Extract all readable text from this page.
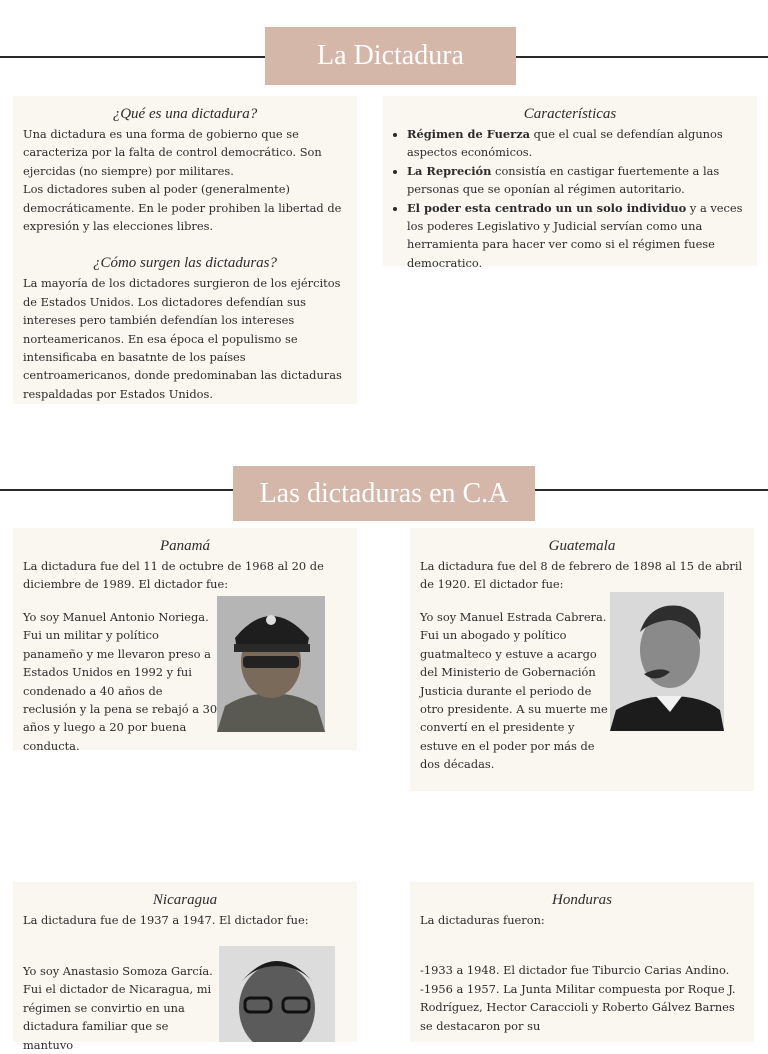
La Dictadura
¿Qué es una dictadura?

Una dictadura es una forma de gobierno que se caracteriza por la falta de control democrático. Son ejercidas (no siempre) por militares.

Los dictadores suben al poder (generalmente) democráticamente. En le poder prohiben la libertad de expresión y las elecciones libres.

¿Cómo surgen las dictaduras?

La mayoría de los dictadores surgieron de los ejércitos de Estados Unidos. Los dictadores defendían sus intereses pero también defendían los intereses norteamericanos. En esa época el populismo se intensificaba en basatnte de los países centroamericanos, donde predominaban las dictaduras respaldadas por Estados Unidos.

Características
• Régimen de Fuerza que el cual se defendían algunos aspectos económicos.
• La Repreción consistía en castigar fuertemente a las personas que se oponían al régimen autoritario.
• El poder esta centrado un un solo individuo y a veces los poderes Legislativo y Judicial servían como una herramienta para hacer ver como si el régimen fuese democratico.
Las dictaduras en C.A
Panamá

La dictadura fue del 11 de octubre de 1968 al 20 de diciembre de 1989. El dictador fue:

Yo soy Manuel Antonio Noriega. Fui un militar y político panameño y me llevaron preso a Estados Unidos en 1992 y fui condenado a 40 años de reclusión y la pena se rebajó a 30 años y luego a 20 por buena conducta.
Guatemala

La dictadura fue del 8 de febrero de 1898 al 15 de abril de 1920. El dictador fue:

Yo soy Manuel Estrada Cabrera. Fui un abogado y político guatmalteco y estuve a acargo del Ministerio de Gobernación Justicia durante el periodo de otro presidente. A su muerte me convertí en el presidente y estuve en el poder por más de dos décadas.
Nicaragua

La dictadura fue de 1937 a 1947. El dictador fue:

Yo soy Anastasio Somoza García. Fui el dictador de Nicaragua, mi régimen se convirtio en una dictadura familiar que se mantuvo
Honduras

La dictaduras fueron:

-1933 a 1948. El dictador fue Tiburcio Carias Andino.

-1956 a 1957. La Junta Militar compuesta por Roque J. Rodríguez, Hector Caraccioli y Roberto Gálvez Barnes

se destacaron por su
